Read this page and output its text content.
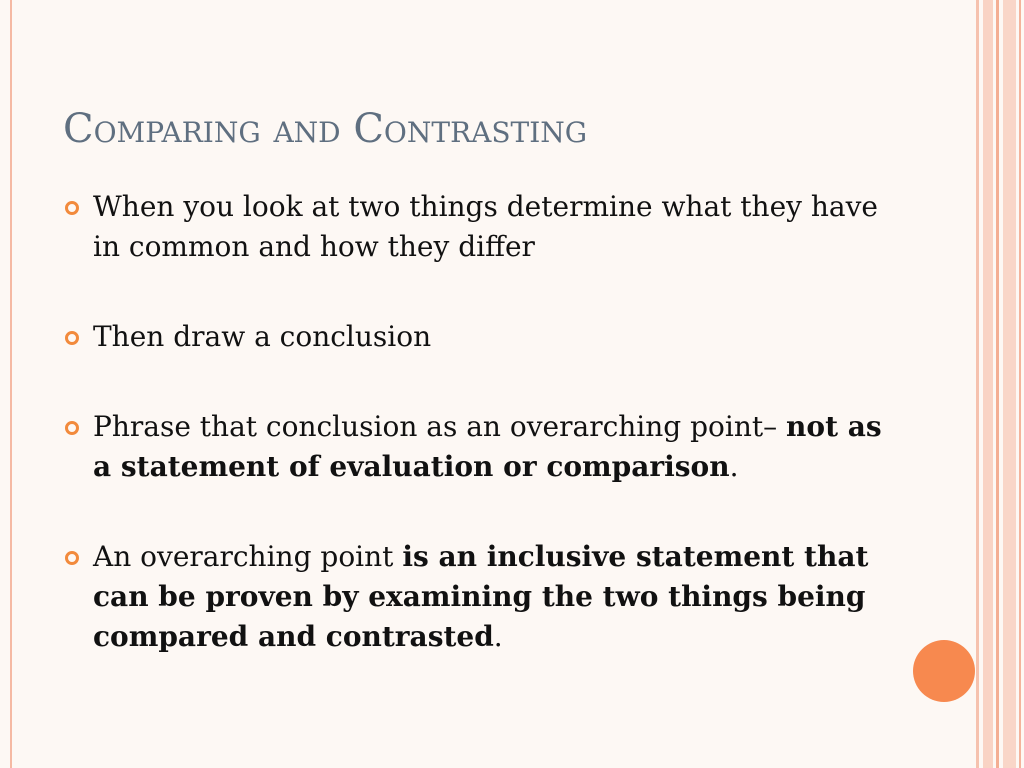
Comparing and Contrasting
When you look at two things determine what they have in common and how they differ
Then draw a conclusion
Phrase that conclusion as an overarching point– not as a statement of evaluation or comparison.
An overarching point is an inclusive statement that can be proven by examining the two things being compared and contrasted.
